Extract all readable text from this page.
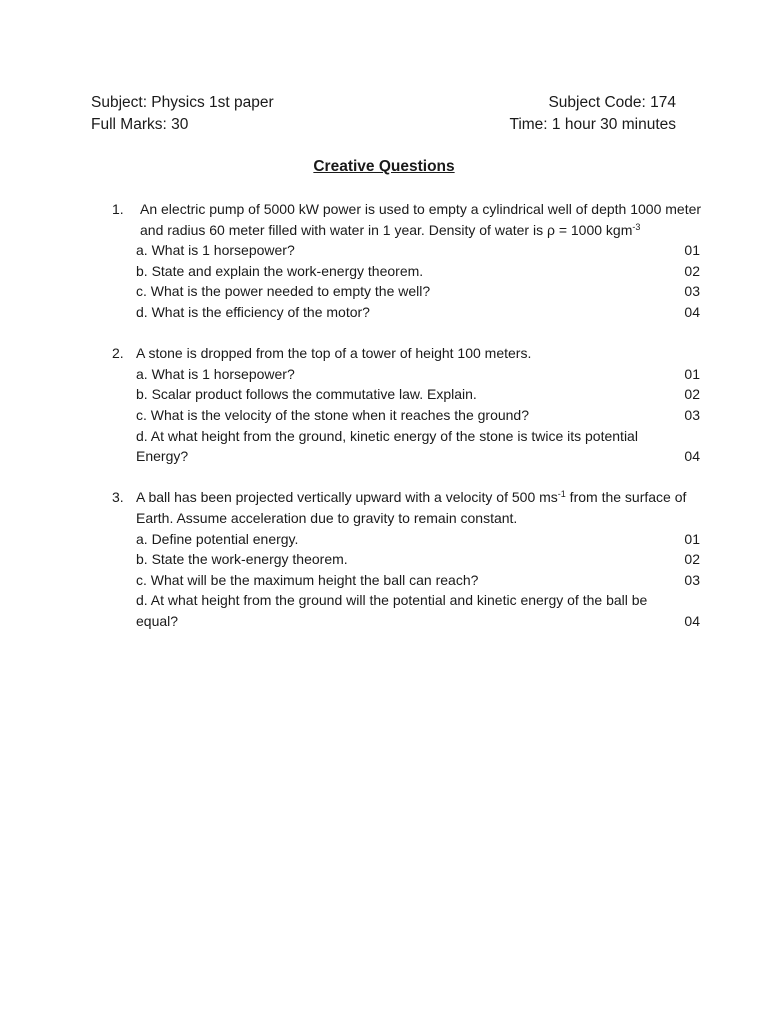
Subject: Physics 1st paper	Subject Code: 174
Full Marks: 30	Time: 1 hour 30 minutes
Creative Questions
1. An electric pump of 5000 kW power is used to empty a cylindrical well of depth 1000 meter and radius 60 meter filled with water in 1 year. Density of water is ρ = 1000 kgm$^{-3}$

a. What is 1 horsepower?	01
b. State and explain the work-energy theorem.	02
c. What is the power needed to empty the well?	03
d. What is the efficiency of the motor?	04
2. A stone is dropped from the top of a tower of height 100 meters.

a. What is 1 horsepower?	01
b. Scalar product follows the commutative law. Explain.	02
c. What is the velocity of the stone when it reaches the ground?	03
d. At what height from the ground, kinetic energy of the stone is twice its potential Energy?	04
3. A ball has been projected vertically upward with a velocity of 500 $ms^{-1}$ from the surface of Earth. Assume acceleration due to gravity to remain constant.

a. Define potential energy.	01
b. State the work-energy theorem.	02
c. What will be the maximum height the ball can reach?	03
d. At what height from the ground will the potential and kinetic energy of the ball be equal?	04
